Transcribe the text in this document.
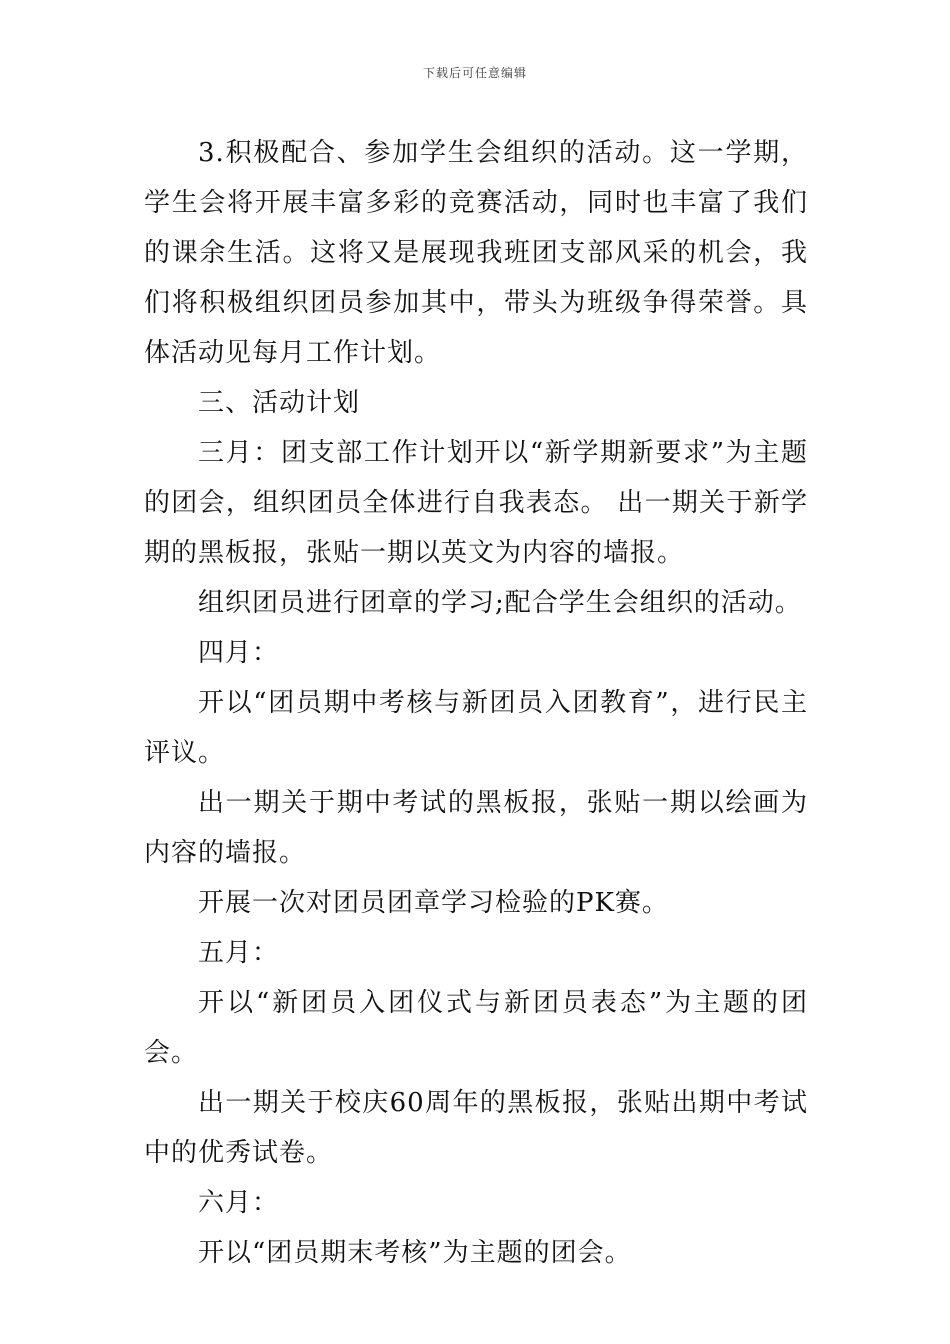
下载后可任意编辑

3.积极配合、参加学生会组织的活动。这一学期，学生会将开展丰富多彩的竞赛活动，同时也丰富了我们的课余生活。这将又是展现我班团支部风采的机会，我们将积极组织团员参加其中，带头为班级争得荣誉。具体活动见每月工作计划。

三、活动计划

三月：团支部工作计划开以“新学期新要求”为主题的团会，组织团员全体进行自我表态。 出一期关于新学期的黑板报，张贴一期以英文为内容的墙报。

组织团员进行团章的学习;配合学生会组织的活动。

四月：

开以“团员期中考核与新团员入团教育”，进行民主评议。

出一期关于期中考试的黑板报，张贴一期以绘画为内容的墙报。

开展一次对团员团章学习检验的PK赛。

五月：

开以“新团员入团仪式与新团员表态”为主题的团会。

出一期关于校庆60周年的黑板报，张贴出期中考试中的优秀试卷。

六月：

开以“团员期末考核”为主题的团会。
